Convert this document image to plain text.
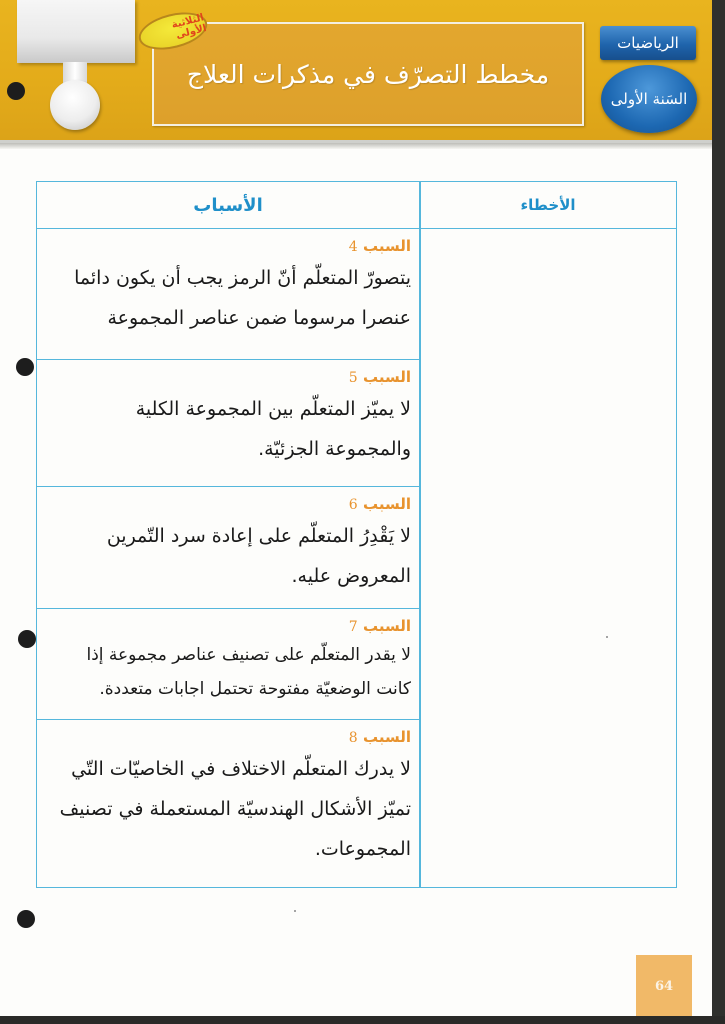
مخطط التصرّف في مذكرات العلاج
الثلاثية الأولى
الرياضيات
السَنة الأولى
الأخطاء
الأسباب
السبب 4
يتصورّ المتعلّم أنّ الرمز يجب أن يكون دائما عنصرا مرسوما ضمن عناصر المجموعة
السبب 5
لا يميّز المتعلّم بين المجموعة الكلية والمجموعة الجزئيّة.
السبب 6
لا يَقْدِرُ المتعلّم على إعادة سرد التّمرين المعروض عليه.
السبب 7
لا يقدر المتعلّم على تصنيف عناصر مجموعة إذا كانت الوضعيّة مفتوحة تحتمل اجابات متعددة.
السبب 8
لا يدرك المتعلّم الاختلاف في الخاصيّات التّي تميّز الأشكال الهندسيّة المستعملة في تصنيف المجموعات.
64
